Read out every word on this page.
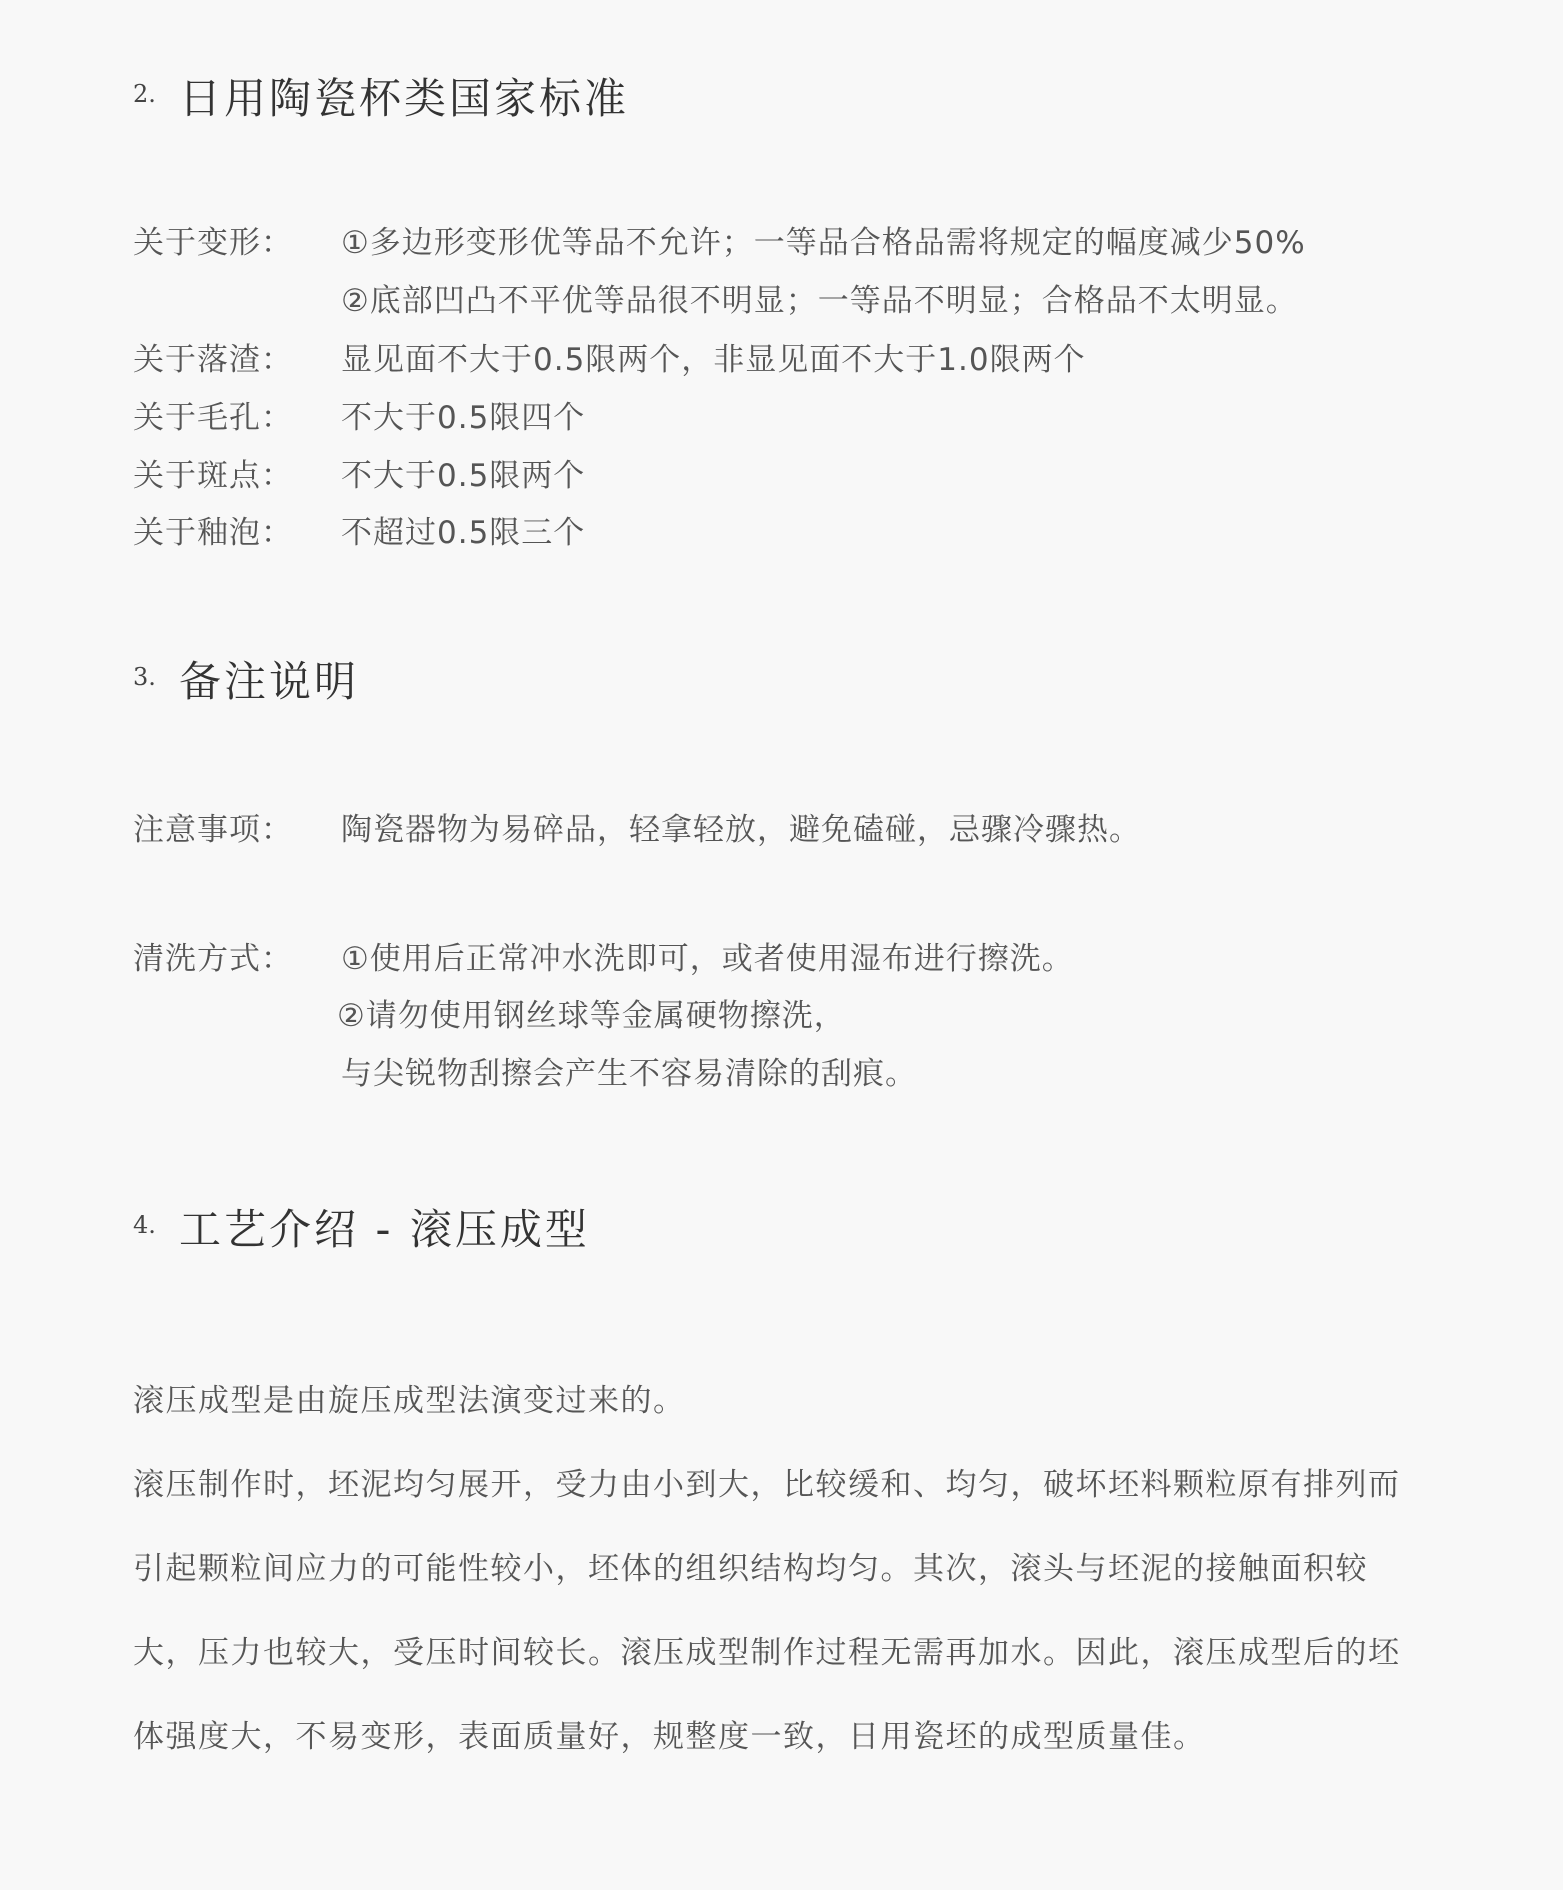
2. 日用陶瓷杯类国家标准
关于变形：	①多边形变形优等品不允许；一等品合格品需将规定的幅度减少50%
②底部凹凸不平优等品很不明显；一等品不明显；合格品不太明显。
关于落渣：	显见面不大于0.5限两个，非显见面不大于1.0限两个
关于毛孔：	不大于0.5限四个
关于斑点：	不大于0.5限两个
关于釉泡：	不超过0.5限三个
3. 备注说明
注意事项：	陶瓷器物为易碎品，轻拿轻放，避免磕碰，忌骤冷骤热。
清洗方式：	①使用后正常冲水洗即可，或者使用湿布进行擦洗。
②请勿使用钢丝球等金属硬物擦洗，
与尖锐物刮擦会产生不容易清除的刮痕。
4. 工艺介绍 - 滚压成型
滚压成型是由旋压成型法演变过来的。
滚压制作时，坯泥均匀展开，受力由小到大，比较缓和、均匀，破坏坯料颗粒原有排列而
引起颗粒间应力的可能性较小，坯体的组织结构均匀。其次，滚头与坯泥的接触面积较
大，压力也较大，受压时间较长。滚压成型制作过程无需再加水。因此，滚压成型后的坯
体强度大，不易变形，表面质量好，规整度一致，日用瓷坯的成型质量佳。
